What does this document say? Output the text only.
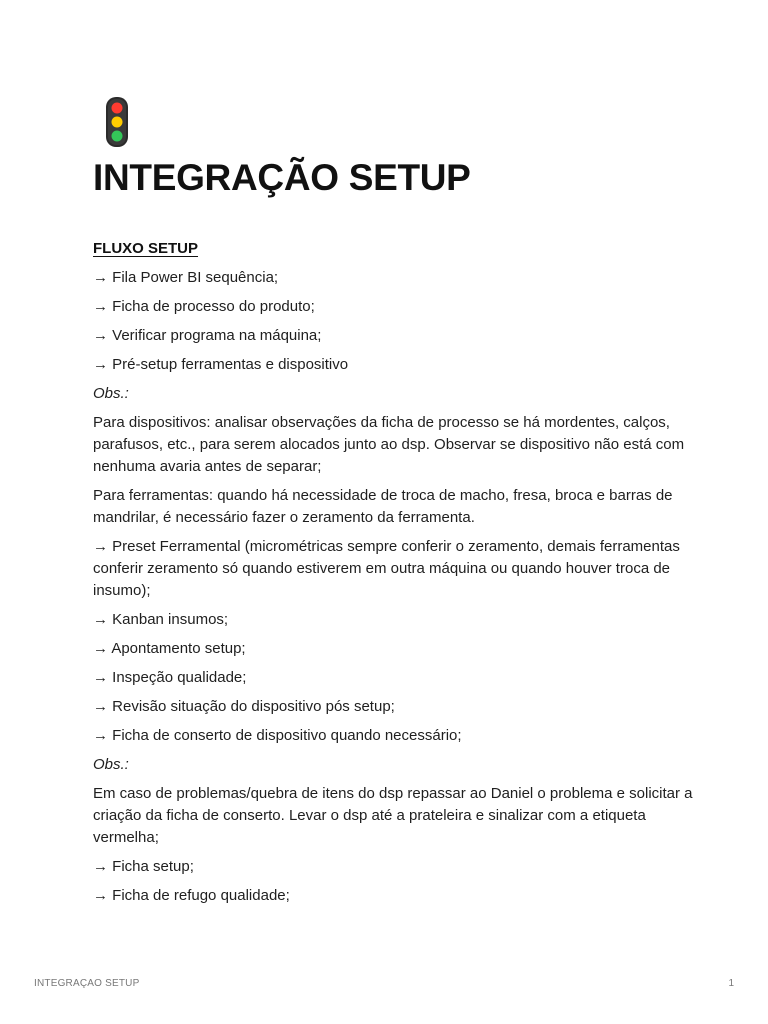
INTEGRAÇÃO SETUP
FLUXO SETUP

→ Fila Power BI sequência;

→ Ficha de processo do produto;

→ Verificar programa na máquina;

→ Pré-setup ferramentas e dispositivo

Obs.:

Para dispositivos: analisar observações da ficha de processo se há mordentes, calços, parafusos, etc., para serem alocados junto ao dsp. Observar se dispositivo não está com nenhuma avaria antes de separar;

Para ferramentas: quando há necessidade de troca de macho, fresa, broca e barras de mandrilar, é necessário fazer o zeramento da ferramenta.

→ Preset Ferramental (micrométricas sempre conferir o zeramento, demais ferramentas conferir zeramento só quando estiverem em outra máquina ou quando houver troca de insumo);

→ Kanban insumos;

→ Apontamento setup;

→ Inspeção qualidade;

→ Revisão situação do dispositivo pós setup;

→ Ficha de conserto de dispositivo quando necessário;

Obs.:

Em caso de problemas/quebra de itens do dsp repassar ao Daniel o problema e solicitar a criação da ficha de conserto. Levar o dsp até a prateleira e sinalizar com a etiqueta vermelha;

→ Ficha setup;

→ Ficha de refugo qualidade;

INTEGRAÇAO SETUP	1
